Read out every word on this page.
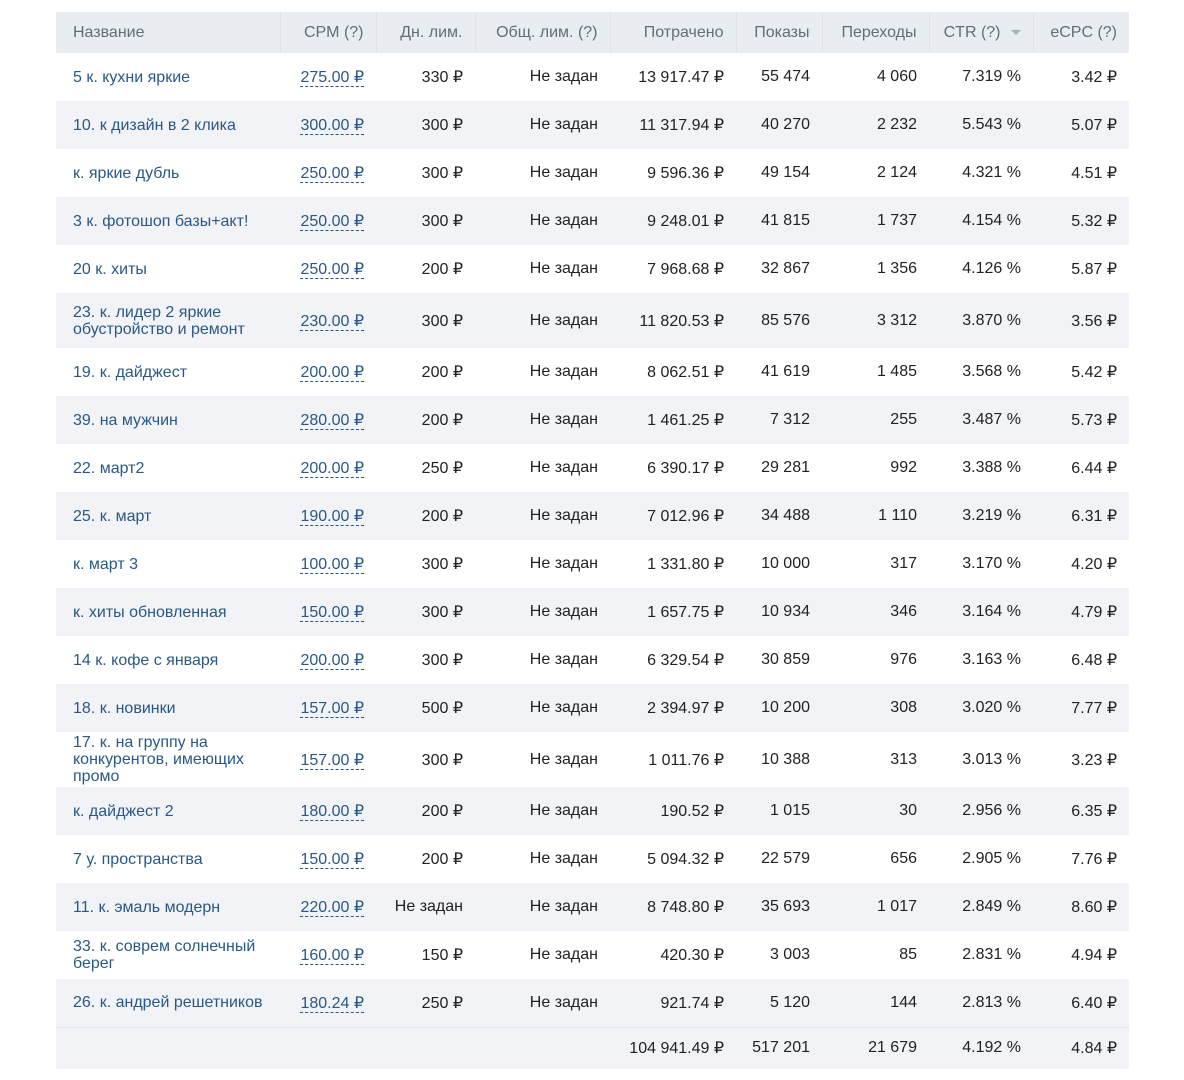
Название	CPM (?)	Дн. лим.	Общ. лим. (?)	Потрачено	Показы	Переходы	CTR (?)	eCPC (?)
5 к. кухни яркие	275.00 ₽	330 ₽	Не задан	13 917.47 ₽	55 474	4 060	7.319 %	3.42 ₽
10. к дизайн в 2 клика	300.00 ₽	300 ₽	Не задан	11 317.94 ₽	40 270	2 232	5.543 %	5.07 ₽
к. яркие дубль	250.00 ₽	300 ₽	Не задан	9 596.36 ₽	49 154	2 124	4.321 %	4.51 ₽
3 к. фотошоп базы+акт!	250.00 ₽	300 ₽	Не задан	9 248.01 ₽	41 815	1 737	4.154 %	5.32 ₽
20 к. хиты	250.00 ₽	200 ₽	Не задан	7 968.68 ₽	32 867	1 356	4.126 %	5.87 ₽
23. к. лидер 2 яркие обустройство и ремонт	230.00 ₽	300 ₽	Не задан	11 820.53 ₽	85 576	3 312	3.870 %	3.56 ₽
19. к. дайджест	200.00 ₽	200 ₽	Не задан	8 062.51 ₽	41 619	1 485	3.568 %	5.42 ₽
39. на мужчин	280.00 ₽	200 ₽	Не задан	1 461.25 ₽	7 312	255	3.487 %	5.73 ₽
22. март2	200.00 ₽	250 ₽	Не задан	6 390.17 ₽	29 281	992	3.388 %	6.44 ₽
25. к. март	190.00 ₽	200 ₽	Не задан	7 012.96 ₽	34 488	1 110	3.219 %	6.31 ₽
к. март 3	100.00 ₽	300 ₽	Не задан	1 331.80 ₽	10 000	317	3.170 %	4.20 ₽
к. хиты обновленная	150.00 ₽	300 ₽	Не задан	1 657.75 ₽	10 934	346	3.164 %	4.79 ₽
14 к. кофе с января	200.00 ₽	300 ₽	Не задан	6 329.54 ₽	30 859	976	3.163 %	6.48 ₽
18. к. новинки	157.00 ₽	500 ₽	Не задан	2 394.97 ₽	10 200	308	3.020 %	7.77 ₽
17. к. на группу на конкурентов, имеющих промо	157.00 ₽	300 ₽	Не задан	1 011.76 ₽	10 388	313	3.013 %	3.23 ₽
к. дайджест 2	180.00 ₽	200 ₽	Не задан	190.52 ₽	1 015	30	2.956 %	6.35 ₽
7 у. пространства	150.00 ₽	200 ₽	Не задан	5 094.32 ₽	22 579	656	2.905 %	7.76 ₽
11. к. эмаль модерн	220.00 ₽	Не задан	Не задан	8 748.80 ₽	35 693	1 017	2.849 %	8.60 ₽
33. к. соврем солнечный берег	160.00 ₽	150 ₽	Не задан	420.30 ₽	3 003	85	2.831 %	4.94 ₽
26. к. андрей решетников	180.24 ₽	250 ₽	Не задан	921.74 ₽	5 120	144	2.813 %	6.40 ₽
				104 941.49 ₽	517 201	21 679	4.192 %	4.84 ₽
